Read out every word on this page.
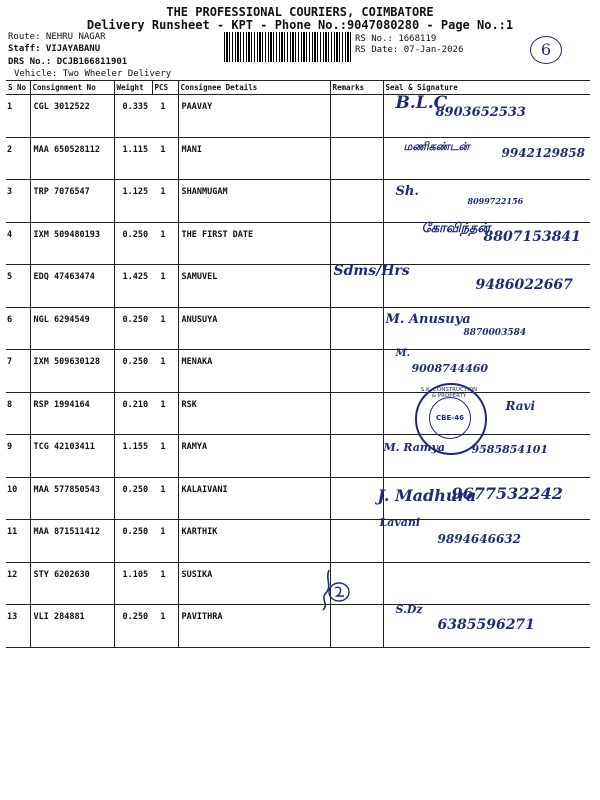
THE PROFESSIONAL COURIERS, COIMBATORE
Delivery Runsheet - KPT - Phone No.:9047080280 - Page No.:1
Route: NEHRU NAGAR
Staff: VIJAYABANU
DRS No.: DCJB166811901
Vehicle: Two Wheeler Delivery
RS No.: 1668119
RS Date: 07-Jan-2026	6
S No	Consignment No	Weight	PCS	Consignee Details	Remarks	Seal & Signature
1	CGL 3012522	0.335	1	PAAVAY		B.L.C
8903652533

2	MAA 650528112	1.115	1	MANI		மணிகண்டன் 9942129858

3	TRP 7076547	1.125	1	SHANMUGAM		Sh.
8099722156

4	IXM 509480193	0.250	1	THE FIRST DATE		கோவிந்தன்
8807153841

5	EDQ 47463474	1.425	1	SAMUVEL		Sdms/Hrs
9486022667

6	NGL 6294549	0.250	1	ANUSUYA		M. Anusuya
8870003584

7	IXM 509630128	0.250	1	MENAKA		M.
9008744460

8	RSP 1994164	0.210	1	RSK		Ravi

9	TCG 42103411	1.155	1	RAMYA		M. Ramya 9585854101

10	MAA 577850543	0.250	1	KALAIVANI		J. Madhura
9677532242

11	MAA 871511412	0.250	1	KARTHIK		Lavani
9894646632

12	STY 6202630	1.105	1	SUSIKA		
13	VLI 284881	0.250	1	PAVITHRA		S.Dz
6385596271
S.K. CONSTRUCTION & PROPERTY
CBE-46
